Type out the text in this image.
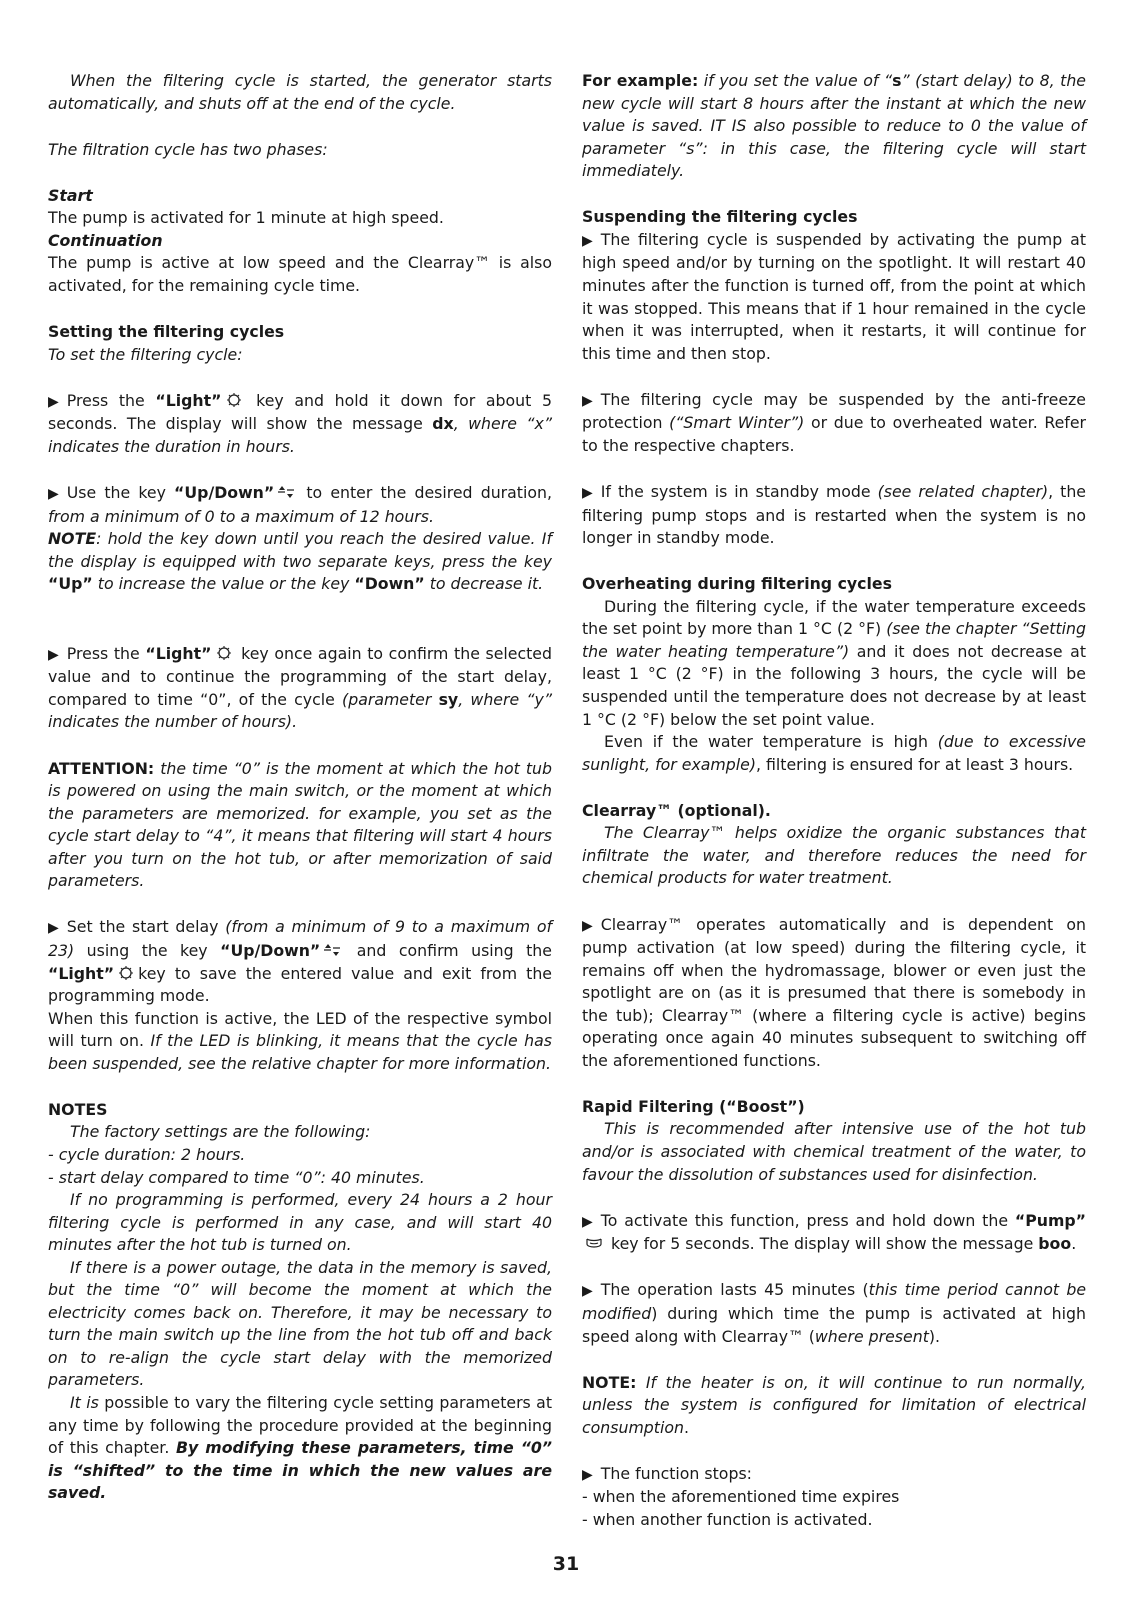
When the filtering cycle is started, the generator starts automatically, and shuts off at the end of the cycle.

The filtration cycle has two phases:

Start

The pump is activated for 1 minute at high speed.

Continuation

The pump is active at low speed and the Clearray™ is also activated, for the remaining cycle time.

Setting the filtering cycles

To set the filtering cycle:

▶ Press the “Light” key and hold it down for about 5 seconds. The display will show the message dx, where “x” indicates the duration in hours.

▶ Use the key “Up/Down” to enter the desired duration, from a minimum of 0 to a maximum of 12 hours.

NOTE: hold the key down until you reach the desired value. If the display is equipped with two separate keys, press the key “Up” to increase the value or the key “Down” to decrease it.

▶ Press the “Light” key once again to confirm the selected value and to continue the programming of the start delay, compared to time “0”, of the cycle (parameter sy, where “y” indicates the number of hours).

ATTENTION: the time “0” is the moment at which the hot tub is powered on using the main switch, or the moment at which the parameters are memorized. for example, you set as the cycle start delay to “4”, it means that filtering will start 4 hours after you turn on the hot tub, or after memorization of said parameters.

▶ Set the start delay (from a minimum of 9 to a maximum of 23) using the key “Up/Down” and confirm using the “Light” key to save the entered value and exit from the programming mode.
When this function is active, the LED of the respective symbol will turn on. If the LED is blinking, it means that the cycle has been suspended, see the relative chapter for more information.

NOTES

The factory settings are the following:

- cycle duration: 2 hours.

- start delay compared to time “0”: 40 minutes.

If no programming is performed, every 24 hours a 2 hour filtering cycle is performed in any case, and will start 40 minutes after the hot tub is turned on.

If there is a power outage, the data in the memory is saved, but the time “0” will become the moment at which the electricity comes back on. Therefore, it may be necessary to turn the main switch up the line from the hot tub off and back on to re-align the cycle start delay with the memorized parameters.

It is possible to vary the filtering cycle setting parameters at any time by following the procedure provided at the beginning of this chapter. By modifying these parameters, time “0” is “shifted” to the time in which the new values are saved.

For example: if you set the value of “s” (start delay) to 8, the new cycle will start 8 hours after the instant at which the new value is saved. IT IS also possible to reduce to 0 the value of parameter “s”: in this case, the filtering cycle will start immediately.

Suspending the filtering cycles

▶ The filtering cycle is suspended by activating the pump at high speed and/or by turning on the spotlight. It will restart 40 minutes after the function is turned off, from the point at which it was stopped. This means that if 1 hour remained in the cycle when it was interrupted, when it restarts, it will continue for this time and then stop.

▶ The filtering cycle may be suspended by the anti-freeze protection (“Smart Winter”) or due to overheated water. Refer to the respective chapters.

▶ If the system is in standby mode (see related chapter), the filtering pump stops and is restarted when the system is no longer in standby mode.

Overheating during filtering cycles

During the filtering cycle, if the water temperature exceeds the set point by more than 1 °C (2 °F) (see the chapter “Setting the water heating temperature”) and it does not decrease at least 1 °C (2 °F) in the following 3 hours, the cycle will be suspended until the temperature does not decrease by at least 1 °C (2 °F) below the set point value.

Even if the water temperature is high (due to excessive sunlight, for example), filtering is ensured for at least 3 hours.

Clearray™ (optional).

The Clearray™ helps oxidize the organic substances that infiltrate the water, and therefore reduces the need for chemical products for water treatment.

▶ Clearray™ operates automatically and is dependent on pump activation (at low speed) during the filtering cycle, it remains off when the hydromassage, blower or even just the spotlight are on (as it is presumed that there is somebody in the tub); Clearray™ (where a filtering cycle is active) begins operating once again 40 minutes subsequent to switching off the aforementioned functions.

Rapid Filtering (“Boost”)

This is recommended after intensive use of the hot tub and/or is associated with chemical treatment of the water, to favour the dissolution of substances used for disinfection.

▶ To activate this function, press and hold down the “Pump”  key for 5 seconds. The display will show the message boo.

▶ The operation lasts 45 minutes (this time period cannot be modified) during which time the pump is activated at high speed along with Clearray™ (where present).

NOTE: If the heater is on, it will continue to run normally, unless the system is configured for limitation of electrical consumption.

▶ The function stops:

- when the aforementioned time expires

- when another function is activated.

31
